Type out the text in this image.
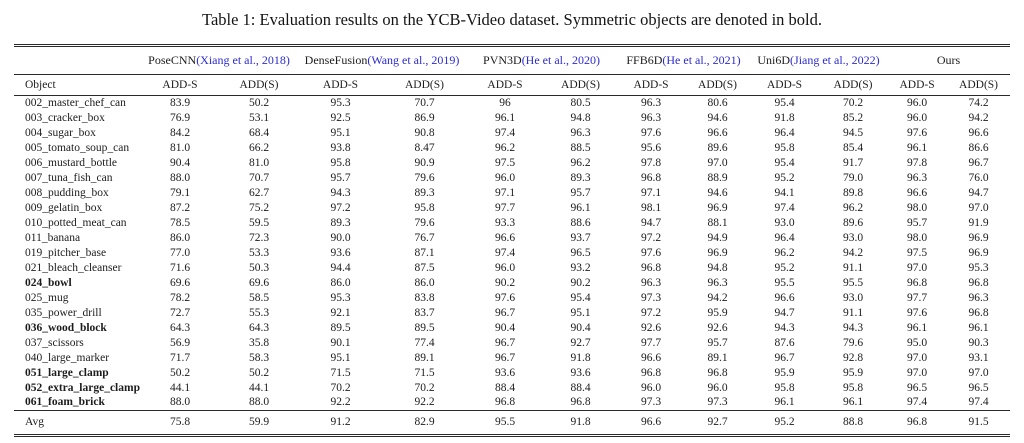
Table 1: Evaluation results on the YCB-Video dataset. Symmetric objects are denoted in bold.
	PoseCNN(Xiang et al., 2018)		DenseFusion(Wang et al., 2019)		PVN3D(He et al., 2020)		FFB6D(He et al., 2021)		Uni6D(Jiang et al., 2022)		Ours	
Object	ADD-S	ADD(S)	ADD-S	ADD(S)	ADD-S	ADD(S)	ADD-S	ADD(S)	ADD-S	ADD(S)	ADD-S	ADD(S)
002_master_chef_can	83.9	50.2	95.3	70.7	96	80.5	96.3	80.6	95.4	70.2	96.0	74.2
003_cracker_box	76.9	53.1	92.5	86.9	96.1	94.8	96.3	94.6	91.8	85.2	96.0	94.2
004_sugar_box	84.2	68.4	95.1	90.8	97.4	96.3	97.6	96.6	96.4	94.5	97.6	96.6
005_tomato_soup_can	81.0	66.2	93.8	8.47	96.2	88.5	95.6	89.6	95.8	85.4	96.1	86.6
006_mustard_bottle	90.4	81.0	95.8	90.9	97.5	96.2	97.8	97.0	95.4	91.7	97.8	96.7
007_tuna_fish_can	88.0	70.7	95.7	79.6	96.0	89.3	96.8	88.9	95.2	79.0	96.3	76.0
008_pudding_box	79.1	62.7	94.3	89.3	97.1	95.7	97.1	94.6	94.1	89.8	96.6	94.7
009_gelatin_box	87.2	75.2	97.2	95.8	97.7	96.1	98.1	96.9	97.4	96.2	98.0	97.0
010_potted_meat_can	78.5	59.5	89.3	79.6	93.3	88.6	94.7	88.1	93.0	89.6	95.7	91.9
011_banana	86.0	72.3	90.0	76.7	96.6	93.7	97.2	94.9	96.4	93.0	98.0	96.9
019_pitcher_base	77.0	53.3	93.6	87.1	97.4	96.5	97.6	96.9	96.2	94.2	97.5	96.9
021_bleach_cleanser	71.6	50.3	94.4	87.5	96.0	93.2	96.8	94.8	95.2	91.1	97.0	95.3
024_bowl	69.6	69.6	86.0	86.0	90.2	90.2	96.3	96.3	95.5	95.5	96.8	96.8
025_mug	78.2	58.5	95.3	83.8	97.6	95.4	97.3	94.2	96.6	93.0	97.7	96.3
035_power_drill	72.7	55.3	92.1	83.7	96.7	95.1	97.2	95.9	94.7	91.1	97.6	96.8
036_wood_block	64.3	64.3	89.5	89.5	90.4	90.4	92.6	92.6	94.3	94.3	96.1	96.1
037_scissors	56.9	35.8	90.1	77.4	96.7	92.7	97.7	95.7	87.6	79.6	95.0	90.3
040_large_marker	71.7	58.3	95.1	89.1	96.7	91.8	96.6	89.1	96.7	92.8	97.0	93.1
051_large_clamp	50.2	50.2	71.5	71.5	93.6	93.6	96.8	96.8	95.9	95.9	97.0	97.0
052_extra_large_clamp	44.1	44.1	70.2	70.2	88.4	88.4	96.0	96.0	95.8	95.8	96.5	96.5
061_foam_brick	88.0	88.0	92.2	92.2	96.8	96.8	97.3	97.3	96.1	96.1	97.4	97.4
Avg	75.8	59.9	91.2	82.9	95.5	91.8	96.6	92.7	95.2	88.8	96.8	91.5
